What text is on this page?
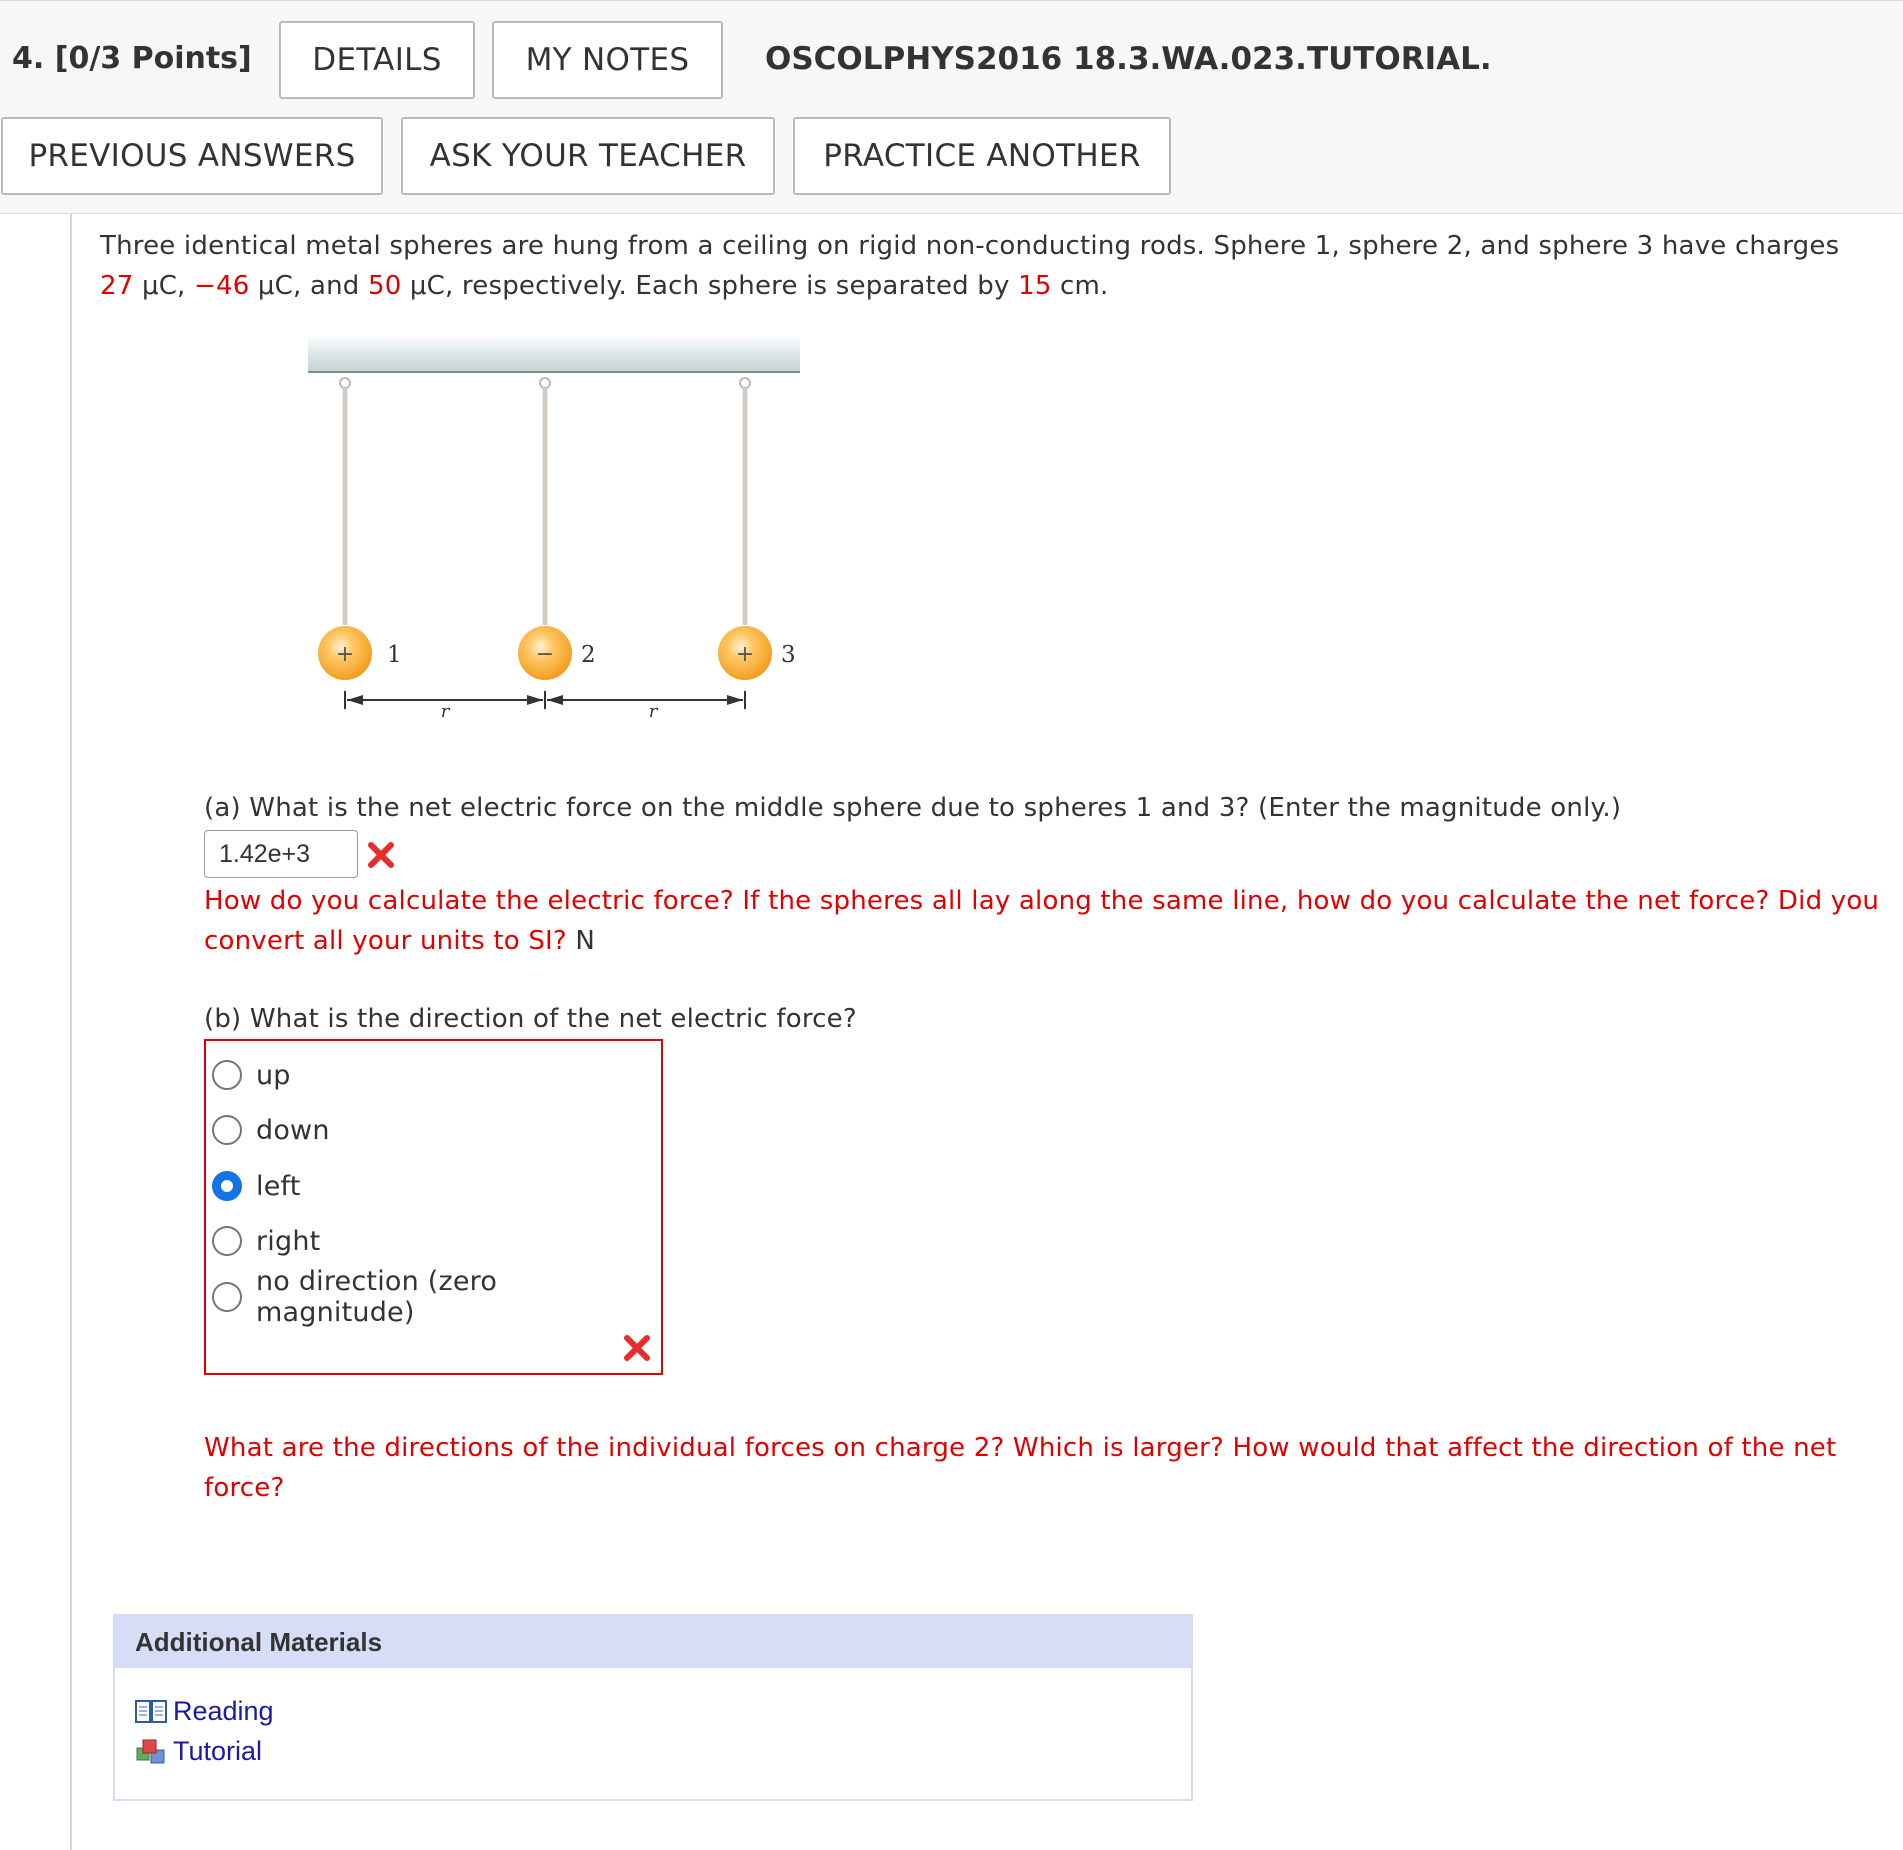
4. [0/3 Points]	DETAILS	MY NOTES	OSCOLPHYS2016 18.3.WA.023.TUTORIAL.
PREVIOUS ANSWERS	ASK YOUR TEACHER	PRACTICE ANOTHER
Three identical metal spheres are hung from a ceiling on rigid non-conducting rods. Sphere 1, sphere 2, and sphere 3 have charges
27 μC, −46 μC, and 50 μC, respectively. Each sphere is separated by 15 cm.
+ 1	− 2	+ 3
r	r
(a) What is the net electric force on the middle sphere due to spheres 1 and 3? (Enter the magnitude only.)
1.42e+3
How do you calculate the electric force? If the spheres all lay along the same line, how do you calculate the net force? Did you convert all your units to SI? N
(b) What is the direction of the net electric force?
up
down
left
right
no direction (zero magnitude)
What are the directions of the individual forces on charge 2? Which is larger? How would that affect the direction of the net force?
Additional Materials
Reading
Tutorial
